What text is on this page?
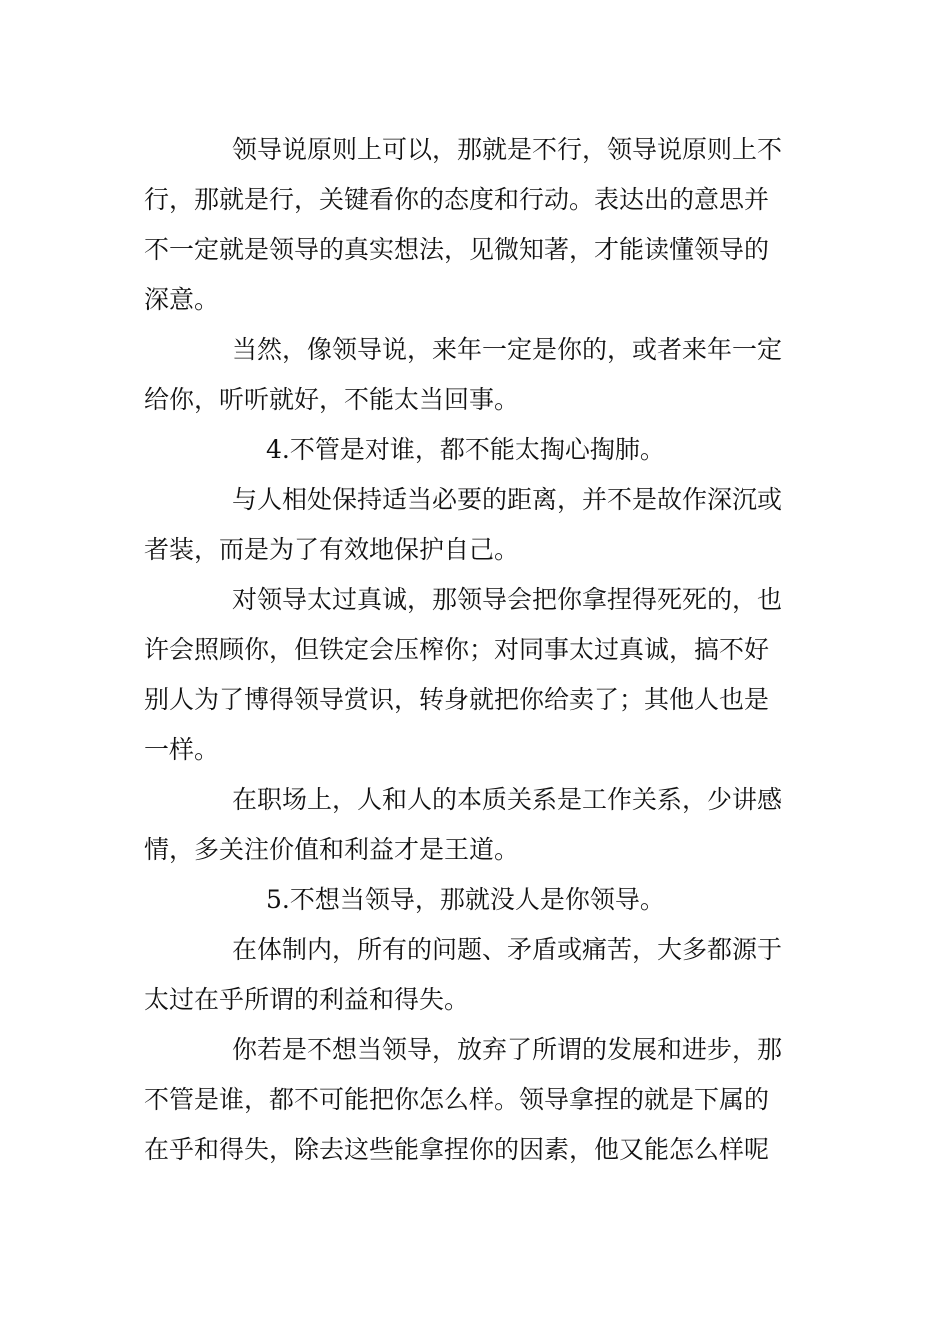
领导说原则上可以，那就是不行，领导说原则上不
行，那就是行，关键看你的态度和行动。表达出的意思并
不一定就是领导的真实想法，见微知著，才能读懂领导的
深意。
当然，像领导说，来年一定是你的，或者来年一定
给你，听听就好，不能太当回事。
4.不管是对谁，都不能太掏心掏肺。
与人相处保持适当必要的距离，并不是故作深沉或
者装，而是为了有效地保护自己。
对领导太过真诚，那领导会把你拿捏得死死的，也
许会照顾你，但铁定会压榨你；对同事太过真诚，搞不好
别人为了博得领导赏识，转身就把你给卖了；其他人也是
一样。
在职场上，人和人的本质关系是工作关系，少讲感
情，多关注价值和利益才是王道。
5.不想当领导，那就没人是你领导。
在体制内，所有的问题、矛盾或痛苦，大多都源于
太过在乎所谓的利益和得失。
你若是不想当领导，放弃了所谓的发展和进步，那
不管是谁，都不可能把你怎么样。领导拿捏的就是下属的
在乎和得失，除去这些能拿捏你的因素，他又能怎么样呢
